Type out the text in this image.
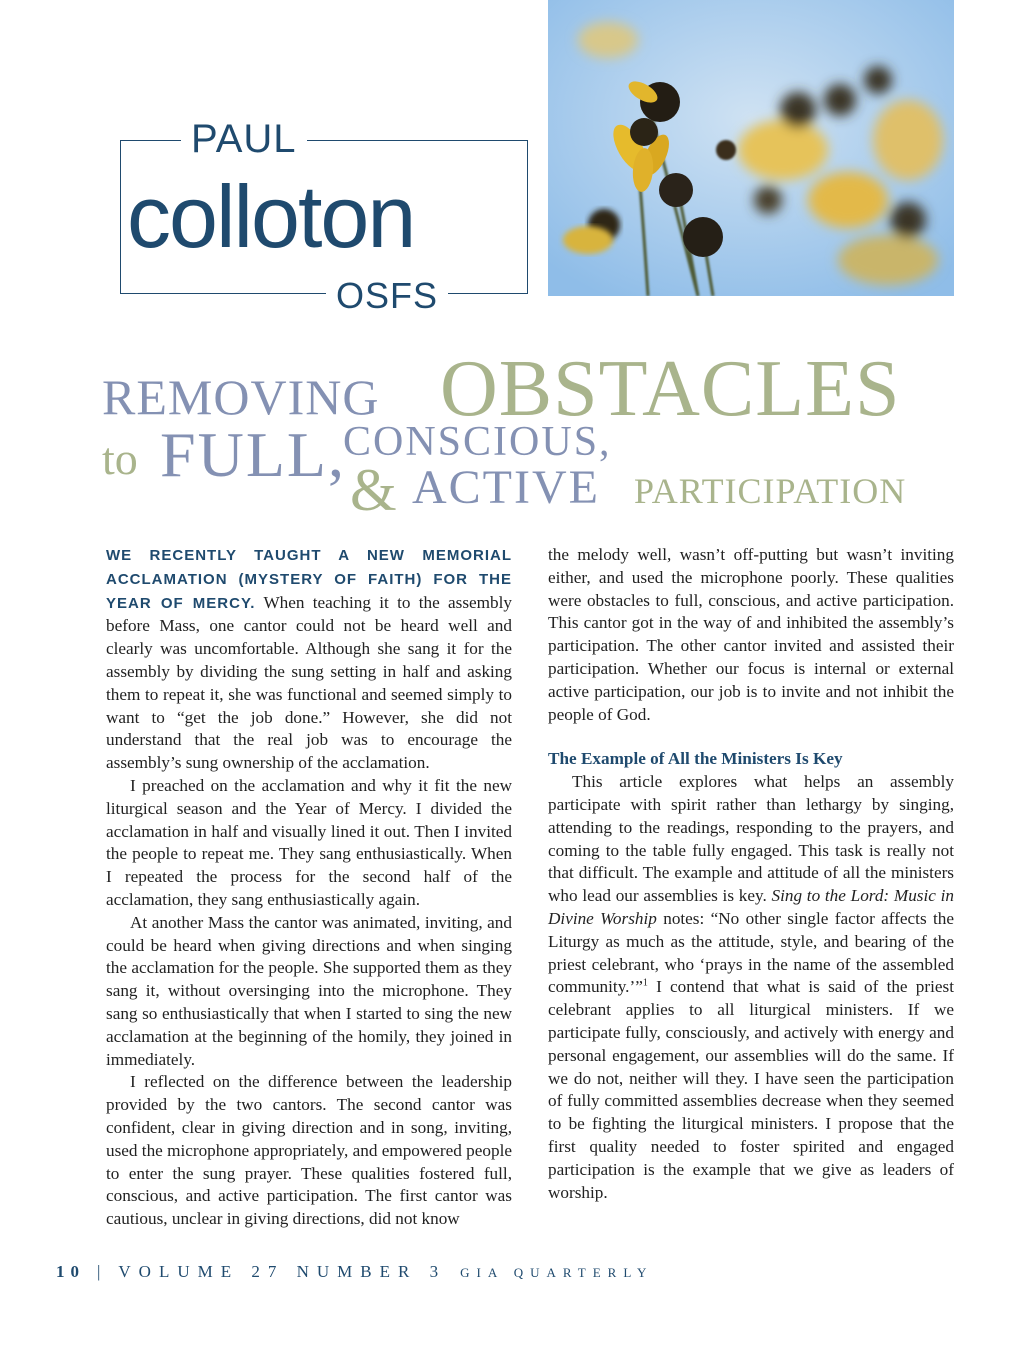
PAUL
colloton
OSFS
REMOVING OBSTACLES
to FULL,
CONSCIOUS,
& ACTIVE PARTICIPATION

WE RECENTLY TAUGHT A NEW MEMORIAL ACCLAMATION (MYSTERY OF FAITH) FOR THE YEAR OF MERCY. When teaching it to the assembly before Mass, one cantor could not be heard well and clearly was uncomfortable. Although she sang it for the assembly by dividing the sung setting in half and asking them to repeat it, she was functional and seemed simply to want to “get the job done.” However, she did not understand that the real job was to encourage the assembly’s sung ownership of the acclamation.

I preached on the acclamation and why it fit the new liturgical season and the Year of Mercy. I divided the acclamation in half and visually lined it out. Then I invited the people to repeat me. They sang enthusiastically. When I repeated the process for the second half of the acclamation, they sang enthusiastically again.

At another Mass the cantor was animated, inviting, and could be heard when giving directions and when singing the acclamation for the people. She supported them as they sang it, without oversinging into the microphone. They sang so enthusiastically that when I started to sing the new acclamation at the beginning of the homily, they joined in immediately.

I reflected on the difference between the leadership provided by the two cantors. The second cantor was confident, clear in giving direction and in song, inviting, used the microphone appropriately, and empowered people to enter the sung prayer. These qualities fostered full, conscious, and active participation. The first cantor was cautious, unclear in giving directions, did not know

the melody well, wasn’t off-putting but wasn’t inviting either, and used the microphone poorly. These qualities were obstacles to full, conscious, and active participation. This cantor got in the way of and inhibited the assembly’s participation. The other cantor invited and assisted their participation. Whether our focus is internal or external active participation, our job is to invite and not inhibit the people of God.

The Example of All the Ministers Is Key

This article explores what helps an assembly participate with spirit rather than lethargy by singing, attending to the readings, responding to the prayers, and coming to the table fully engaged. This task is really not that difficult. The example and attitude of all the ministers who lead our assemblies is key. Sing to the Lord: Music in Divine Worship notes: “No other single factor affects the Liturgy as much as the attitude, style, and bearing of the priest celebrant, who ‘prays in the name of the assembled community.’”$^1$ I contend that what is said of the priest celebrant applies to all liturgical ministers. If we participate fully, consciously, and actively with energy and personal engagement, our assemblies will do the same. If we do not, neither will they. I have seen the participation of fully committed assemblies decrease when they seemed to be fighting the liturgical ministers. I propose that the first quality needed to foster spirited and engaged participation is the example that we give as leaders of worship.

10 | VOLUME 27 NUMBER 3 GIA QUARTERLY
